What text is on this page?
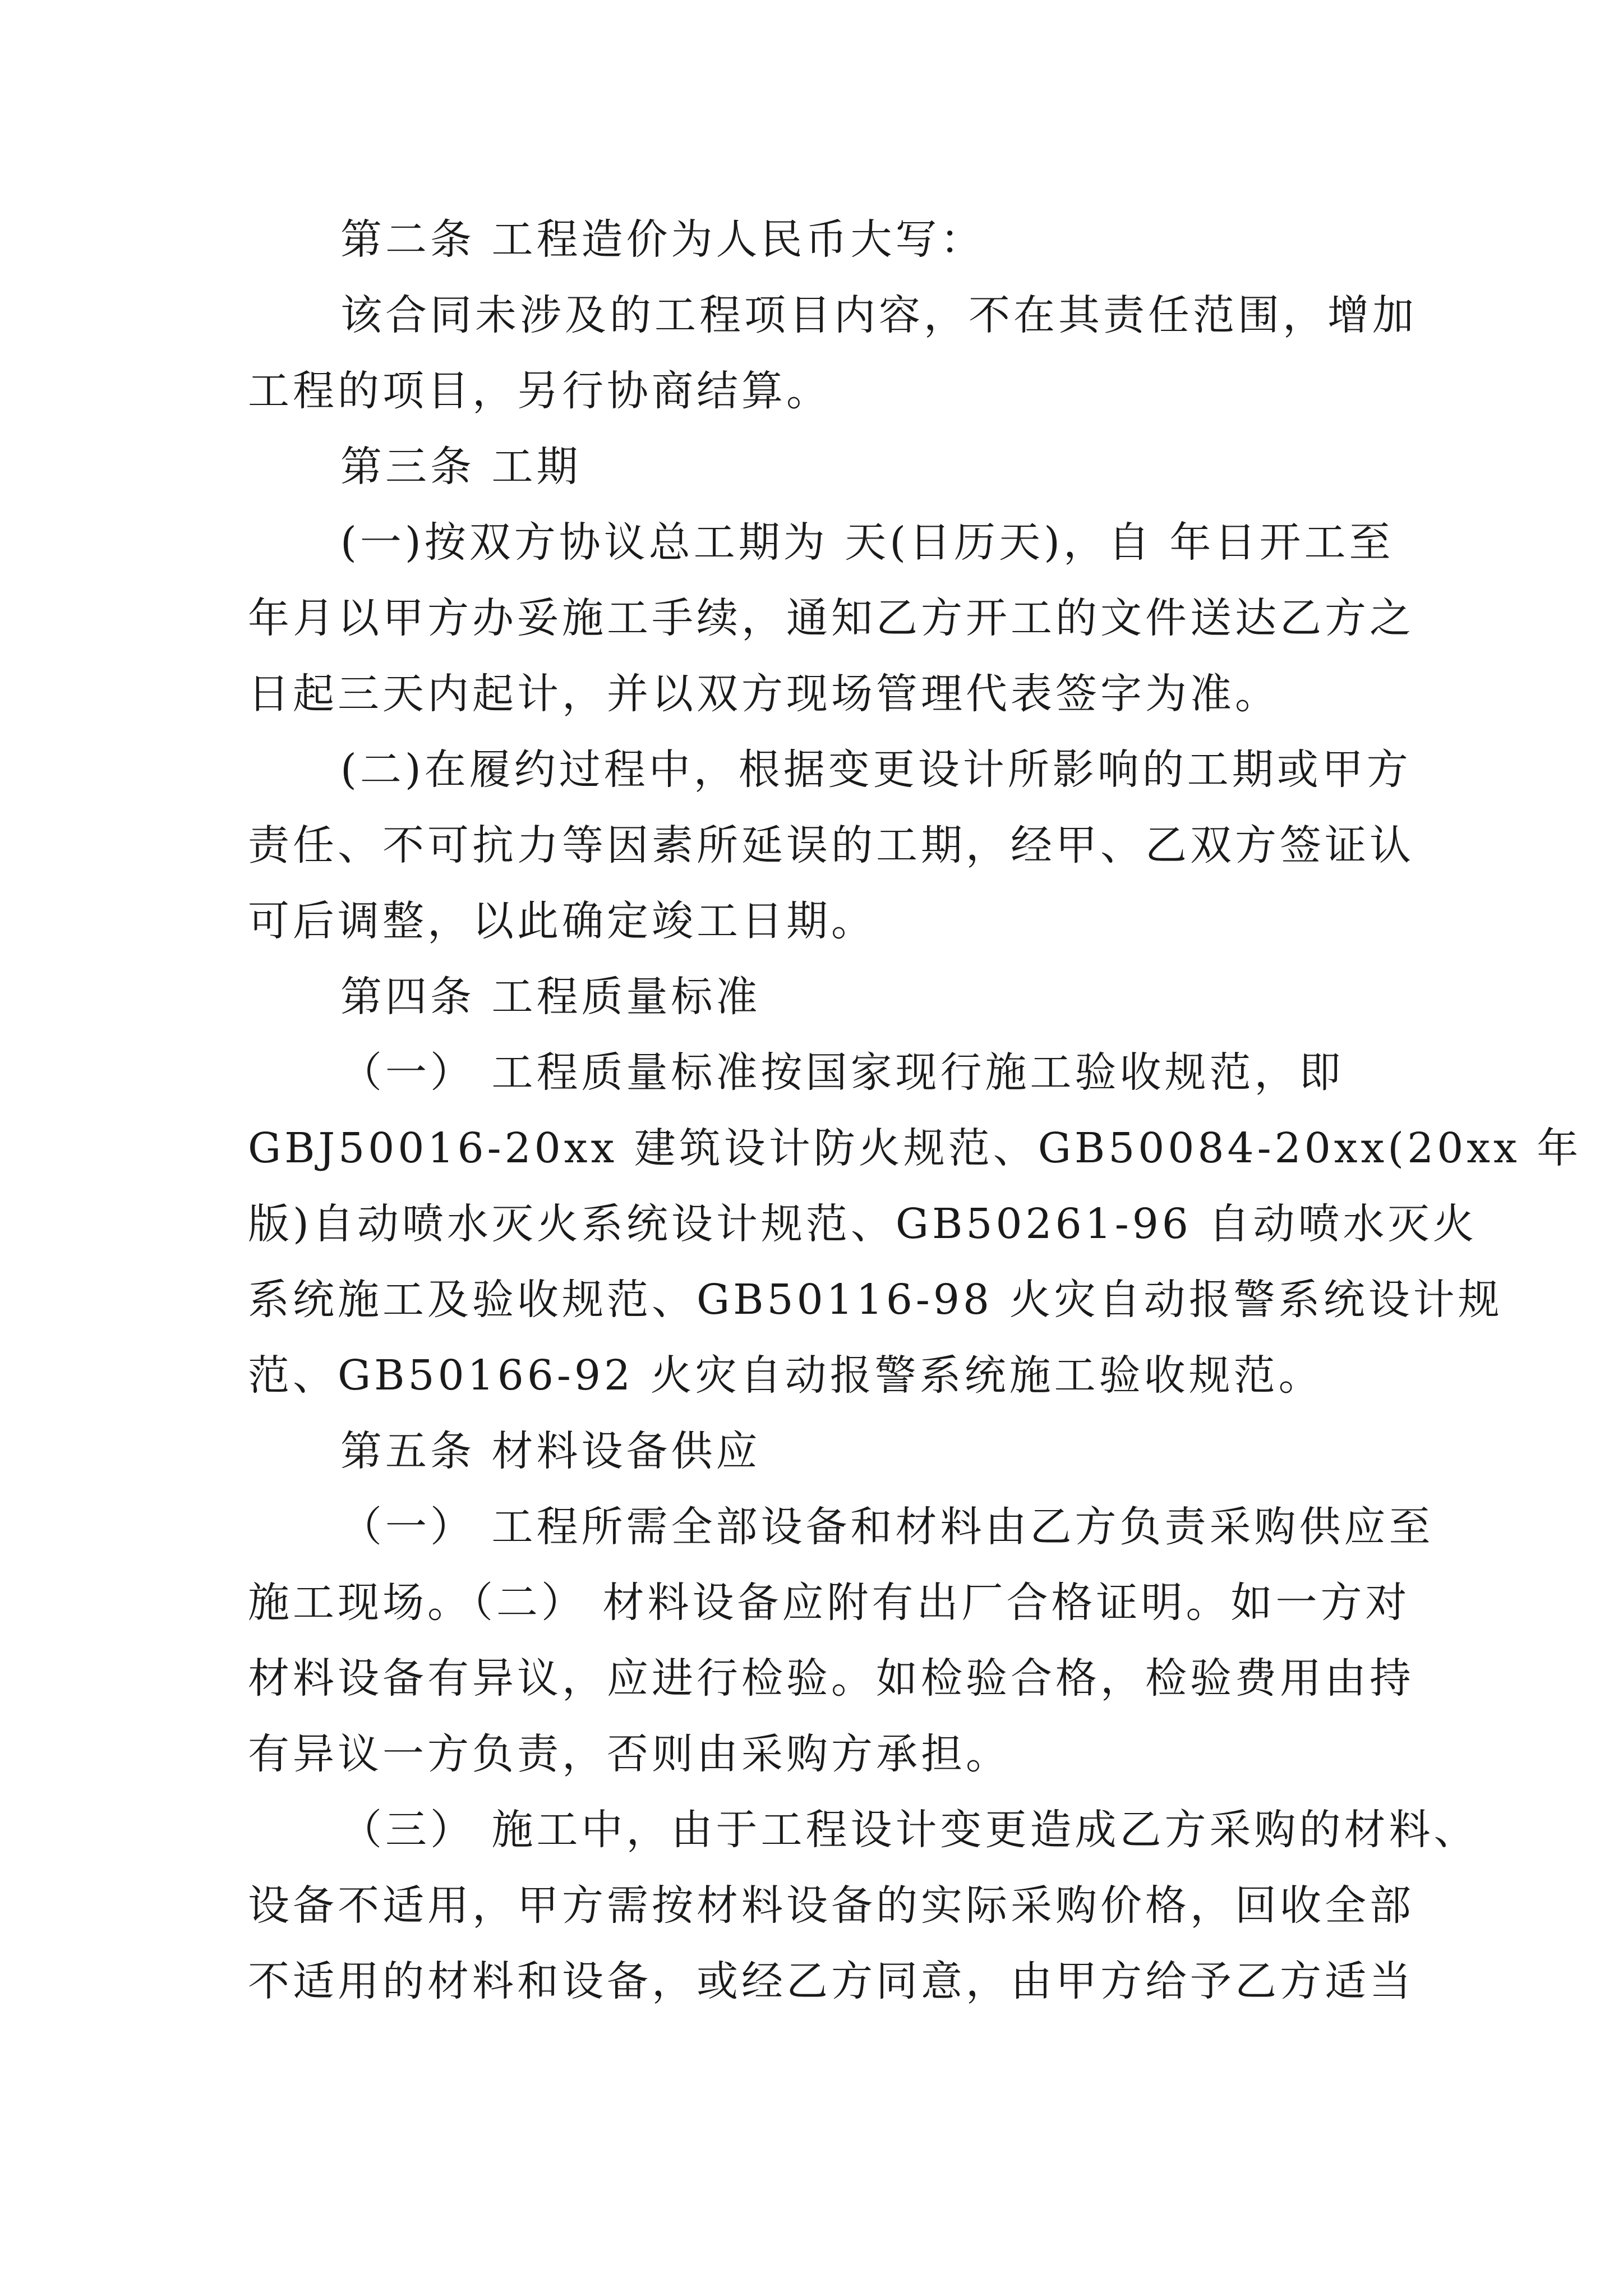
第二条 工程造价为人民币大写：
该合同未涉及的工程项目内容，不在其责任范围，增加
工程的项目，另行协商结算。
第三条 工期
(一)按双方协议总工期为 天(日历天)，自 年日开工至
年月以甲方办妥施工手续，通知乙方开工的文件送达乙方之
日起三天内起计，并以双方现场管理代表签字为准。
(二)在履约过程中，根据变更设计所影响的工期或甲方
责任、不可抗力等因素所延误的工期，经甲、乙双方签证认
可后调整，以此确定竣工日期。
第四条 工程质量标准
（一） 工程质量标准按国家现行施工验收规范，即
GBJ50016-20xx 建筑设计防火规范、GB50084-20xx(20xx 年
版)自动喷水灭火系统设计规范、GB50261-96 自动喷水灭火
系统施工及验收规范、GB50116-98 火灾自动报警系统设计规
范、GB50166-92 火灾自动报警系统施工验收规范。
第五条 材料设备供应
（一） 工程所需全部设备和材料由乙方负责采购供应至
施工现场。（二） 材料设备应附有出厂合格证明。如一方对
材料设备有异议，应进行检验。如检验合格，检验费用由持
有异议一方负责，否则由采购方承担。
（三） 施工中，由于工程设计变更造成乙方采购的材料、
设备不适用，甲方需按材料设备的实际采购价格，回收全部
不适用的材料和设备，或经乙方同意，由甲方给予乙方适当
